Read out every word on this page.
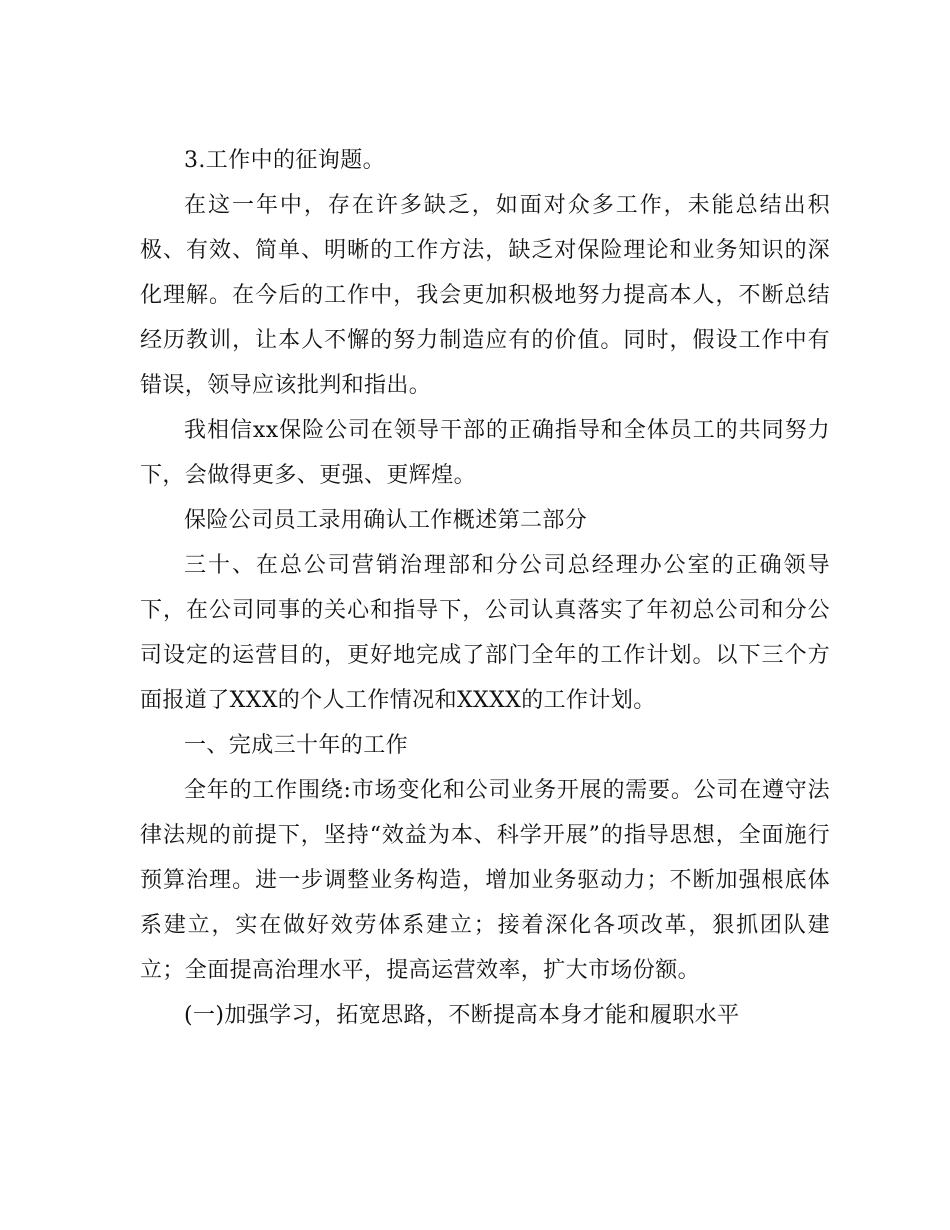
3.工作中的征询题。

在这一年中，存在许多缺乏，如面对众多工作，未能总结出积极、有效、简单、明晰的工作方法，缺乏对保险理论和业务知识的深化理解。在今后的工作中，我会更加积极地努力提高本人，不断总结经历教训，让本人不懈的努力制造应有的价值。同时，假设工作中有错误，领导应该批判和指出。

我相信xx保险公司在领导干部的正确指导和全体员工的共同努力下，会做得更多、更强、更辉煌。

保险公司员工录用确认工作概述第二部分

三十、在总公司营销治理部和分公司总经理办公室的正确领导下，在公司同事的关心和指导下，公司认真落实了年初总公司和分公司设定的运营目的，更好地完成了部门全年的工作计划。以下三个方面报道了XXX的个人工作情况和XXXX的工作计划。

一、完成三十年的工作

全年的工作围绕:市场变化和公司业务开展的需要。公司在遵守法律法规的前提下，坚持“效益为本、科学开展”的指导思想，全面施行预算治理。进一步调整业务构造，增加业务驱动力；不断加强根底体系建立，实在做好效劳体系建立；接着深化各项改革，狠抓团队建立；全面提高治理水平，提高运营效率，扩大市场份额。

(一)加强学习，拓宽思路，不断提高本身才能和履职水平
